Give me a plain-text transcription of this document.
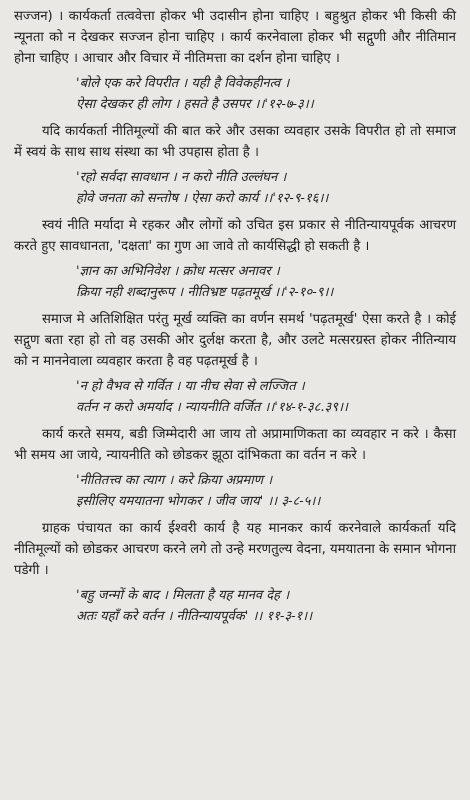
सज्जन) । कार्यकर्ता तत्ववेत्ता होकर भी उदासीन होना चाहिए । बहुश्रुत होकर भी किसी की न्यूनता को न देखकर सज्जन होना चाहिए । कार्य करनेवाला होकर भी सद्गुणी और नीतिमान होना चाहिए । आचार और विचार में नीतिमत्ता का दर्शन होना चाहिए ।

'बोले एक करे विपरीत । यही है विवेकहीनत्व ।
ऐसा देखकर ही लोग । हसते है उसपर ।।'१२-७-३।।

यदि कार्यकर्ता नीतिमूल्यों की बात करे और उसका व्यवहार उसके विपरीत हो तो समाज में स्वयं के साथ साथ संस्था का भी उपहास होता है ।

'रहो सर्वदा सावधान । न करो नीति उल्लंघन ।
होवे जनता को सन्तोष । ऐसा करो कार्य ।।'१२-९-१६।।

स्वयं नीति मर्यादा मे रहकर और लोगों को उचित इस प्रकार से नीतिन्यायपूर्वक आचरण करते हुए सावधानता, 'दक्षता' का गुण आ जावे तो कार्यसिद्धी हो सकती है ।

'ज्ञान का अभिनिवेश । क्रोध मत्सर अनावर ।
क्रिया नही शब्दानुरूप । नीतिभ्रष्ट पढ़तमूर्ख ।।'२-१०-९।।

समाज मे अतिशिक्षित परंतु मूर्ख व्यक्ति का वर्णन समर्थ 'पढ़तमूर्ख' ऐसा करते है । कोई सद्गुण बता रहा हो तो वह उसकी ओर दुर्लक्ष करता है, और उलटे मत्सरग्रस्त होकर नीतिन्याय को न माननेवाला व्यवहार करता है वह पढ़तमूर्ख है ।

'न हो वैभव से गर्वित । या नीच सेवा से लज्जित ।
वर्तन न करो अमर्याद । न्यायनीति वर्जित ।।'१४-१-३८.३९।।

कार्य करते समय, बडी जिम्मेदारी आ जाय तो अप्रामाणिकता का व्यवहार न करे । कैसा भी समय आ जाये, न्यायनीति को छोडकर झूठा दांभिकता का वर्तन न करे ।

'नीतितत्त्व का त्याग । करे क्रिया अप्रमाण ।
इसीलिए यमयातना भोगकर । जीव जाय' ।। ३-८-५।।

ग्राहक पंचायत का कार्य ईश्वरी कार्य है यह मानकर कार्य करनेवाले कार्यकर्ता यदि नीतिमूल्यों को छोडकर आचरण करने लगे तो उन्हे मरणतुल्य वेदना, यमयातना के समान भोगना पडेगी ।

'बहु जन्मों के बाद । मिलता है यह मानव देह ।
अतः यहाँ करे वर्तन । नीतिन्यायपूर्वक' ।। ११-३-१।।
